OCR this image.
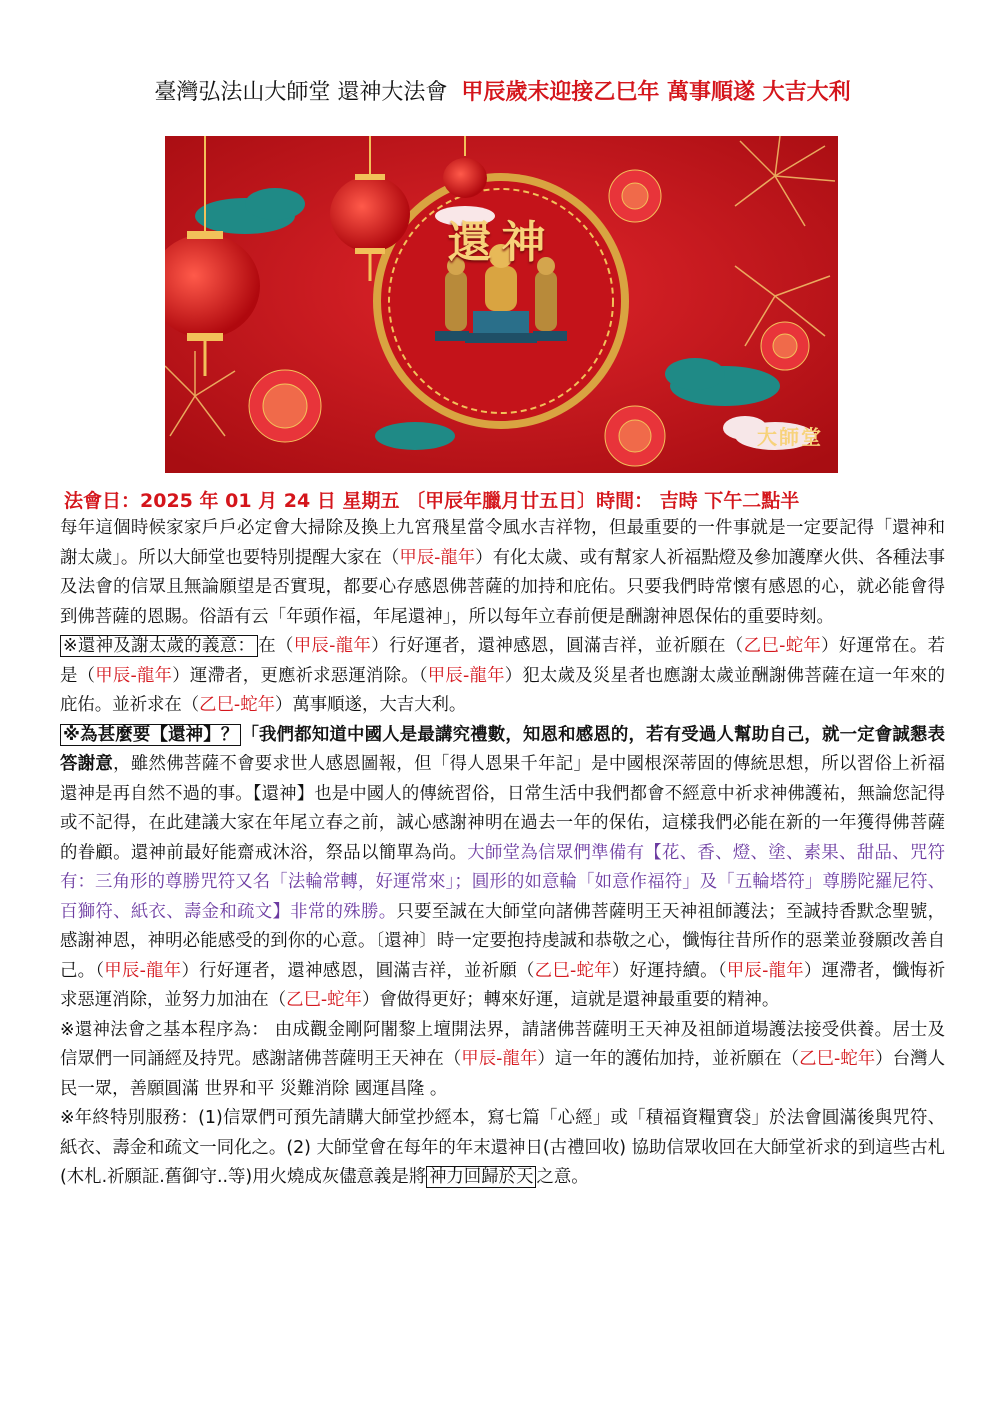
臺灣弘法山大師堂 還神大法會 甲辰歲末迎接乙巳年 萬事順遂 大吉大利
還神
大師堂
法會日：2025 年 01 月 24 日 星期五 〔甲辰年臘月廿五日〕時間： 吉時 下午二點半

每年這個時候家家戶戶必定會大掃除及換上九宮飛星當令風水吉祥物，但最重要的一件事就是一定要記得「還神和謝太歲」。所以大師堂也要特別提醒大家在（甲辰-龍年）有化太歲、或有幫家人祈福點燈及參加護摩火供、各種法事及法會的信眾且無論願望是否實現，都要心存感恩佛菩薩的加持和庇佑。只要我們時常懷有感恩的心，就必能會得到佛菩薩的恩賜。俗語有云「年頭作福，年尾還神」，所以每年立春前便是酬謝神恩保佑的重要時刻。

※還神及謝太歲的義意： 在（甲辰-龍年）行好運者，還神感恩，圓滿吉祥，並祈願在（乙巳-蛇年）好運常在。若是（甲辰-龍年）運滯者，更應祈求惡運消除。（甲辰-龍年）犯太歲及災星者也應謝太歲並酬謝佛菩薩在這一年來的庇佑。並祈求在（乙巳-蛇年）萬事順遂，大吉大利。

※為甚麼要【還神】？ 「我們都知道中國人是最講究禮數，知恩和感恩的，若有受過人幫助自己，就一定會誠懇表答謝意，雖然佛菩薩不會要求世人感恩圖報，但「得人恩果千年記」是中國根深蒂固的傳統思想，所以習俗上祈福還神是再自然不過的事。【還神】也是中國人的傳統習俗，日常生活中我們都會不經意中祈求神佛護祐，無論您記得或不記得，在此建議大家在年尾立春之前，誠心感謝神明在過去一年的保佑，這樣我們必能在新的一年獲得佛菩薩的眷顧。還神前最好能齋戒沐浴，祭品以簡單為尚。大師堂為信眾們準備有【花、香、燈、塗、素果、甜品、咒符有：三角形的尊勝咒符又名「法輪常轉，好運常來」；圓形的如意輪「如意作福符」及「五輪塔符」尊勝陀羅尼符、百獅符、紙衣、壽金和疏文】非常的殊勝。只要至誠在大師堂向諸佛菩薩明王天神祖師護法；至誠持香默念聖號，感謝神恩，神明必能感受的到你的心意。〔還神〕時一定要抱持虔誠和恭敬之心，懺悔往昔所作的惡業並發願改善自己。（甲辰-龍年）行好運者，還神感恩，圓滿吉祥，並祈願（乙巳-蛇年）好運持續。（甲辰-龍年）運滯者，懺悔祈求惡運消除，並努力加油在（乙巳-蛇年）會做得更好；轉來好運，這就是還神最重要的精神。

※還神法會之基本程序為： 由成觀金剛阿闍黎上壇開法界，請諸佛菩薩明王天神及祖師道場護法接受供養。居士及信眾們一同誦經及持咒。感謝諸佛菩薩明王天神在（甲辰-龍年）這一年的護佑加持，並祈願在（乙巳-蛇年）台灣人民一眾，善願圓滿 世界和平 災難消除 國運昌隆 。

※年終特別服務：(1)信眾們可預先請購大師堂抄經本，寫七篇「心經」或「積福資糧寶袋」於法會圓滿後與咒符、紙衣、壽金和疏文一同化之。(2) 大師堂會在每年的年末還神日(古禮回收) 協助信眾收回在大師堂祈求的到這些古札(木札.祈願証.舊御守..等)用火燒成灰儘意義是將 神力回歸於天 之意。
